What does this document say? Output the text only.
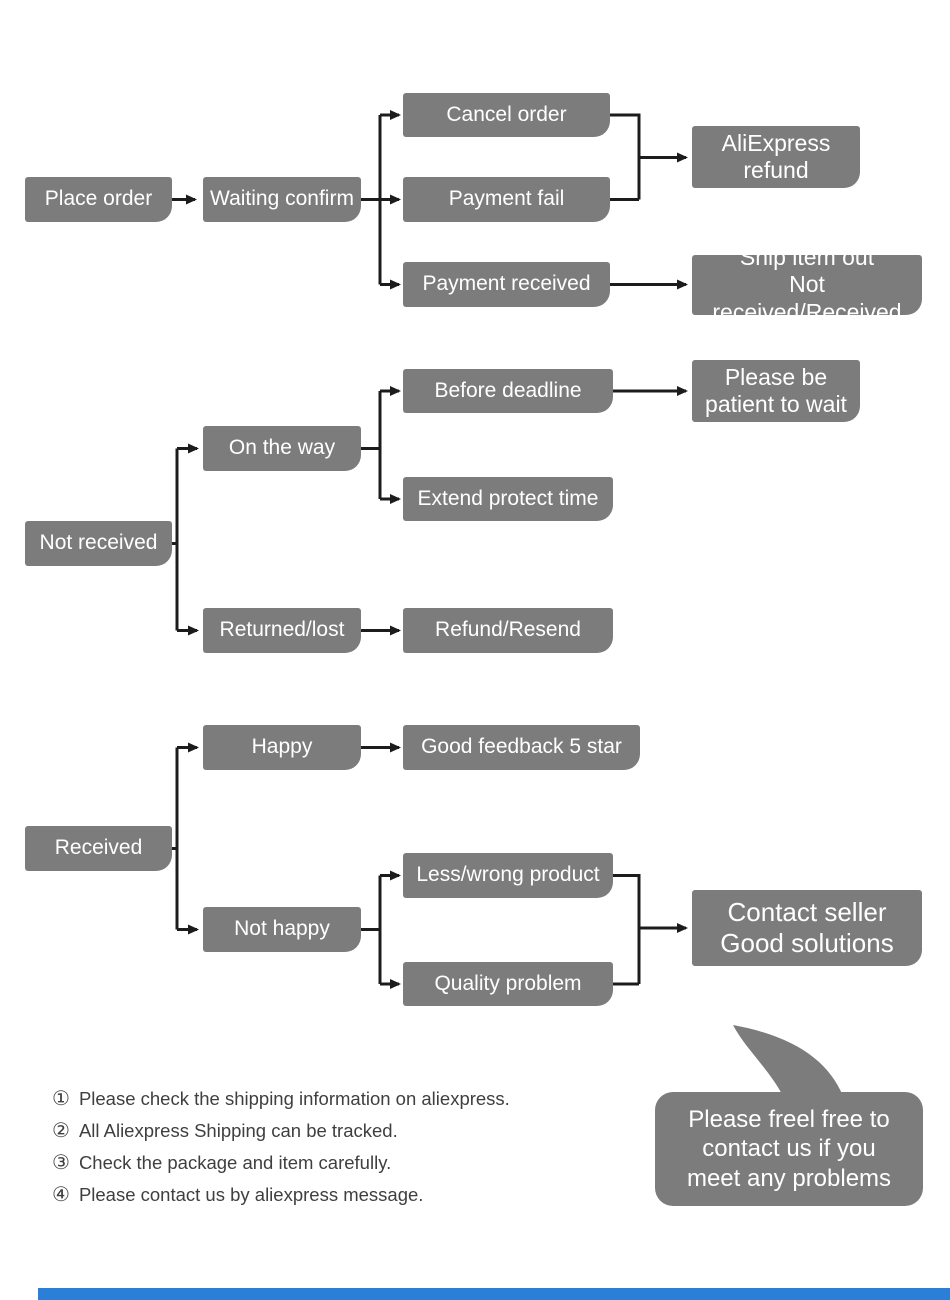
Place order	Waiting confirm
Cancel order
Payment fail
Payment received
AliExpress
refund
Ship item out
Not received/Received
Not received
On the way
Before deadline
Please be
patient to wait
Extend protect time
Returned/lost	Refund/Resend
Received
Happy	Good feedback 5 star
Not happy
Less/wrong product
Quality problem
Contact seller
Good solutions
① Please check the shipping information on aliexpress.
② All Aliexpress Shipping can be tracked.
③ Check the package and item carefully.
④ Please contact us by aliexpress message.
Please freel free to
contact us if you
meet any problems
